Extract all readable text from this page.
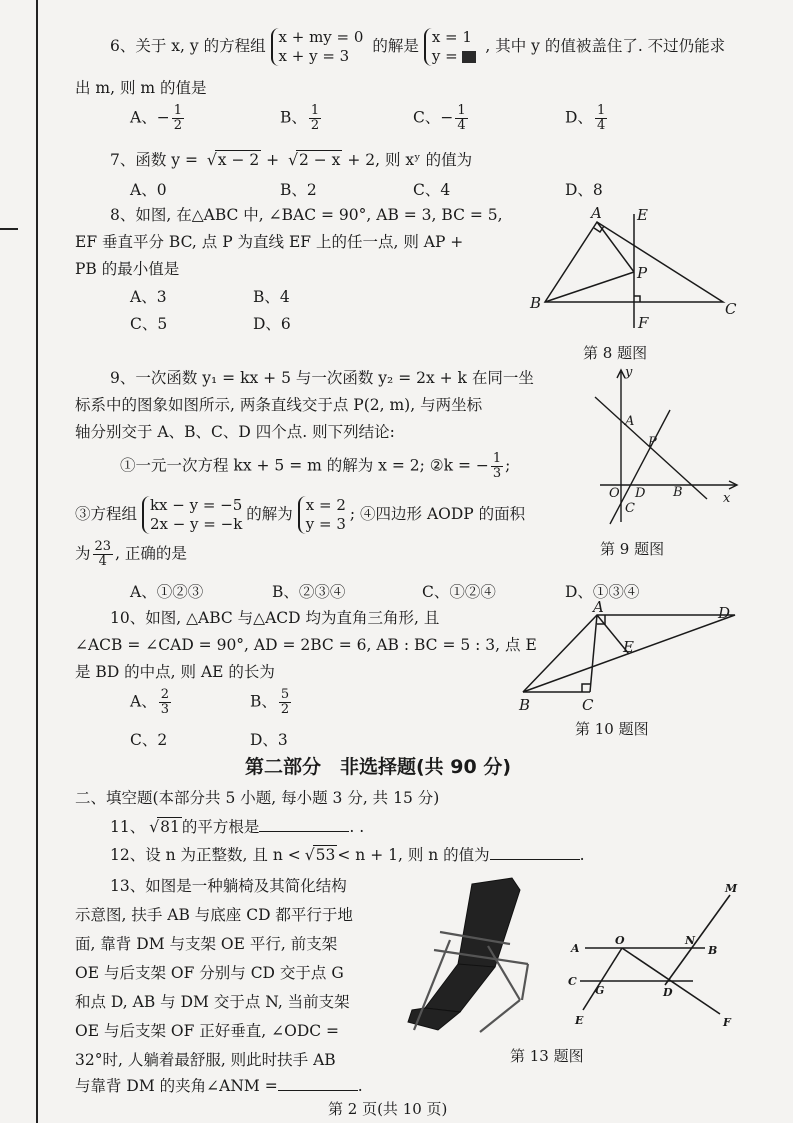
6、关于 x, y 的方程组 x + my = 0
x + y = 3
的解是 x = 1
y =
, 其中 y 的值被盖住了. 不过仍能求
出 m, 则 m 的值是
A、− $\frac{1}{2}$	B、 $\frac{1}{2}$	C、− $\frac{1}{4}$	D、 $\frac{1}{4}$
7、函数 y = √ x − 2 + √ 2 − x + 2, 则 xʸ 的值为
A、0	B、2	C、4	D、8
8、如图, 在△ABC 中, ∠BAC = 90°, AB = 3, BC = 5,
EF 垂直平分 BC, 点 P 为直线 EF 上的任一点, 则 AP +
PB 的最小值是
A、3	B、4
C、5	D、6
A E
P
B	C
F
第 8 题图
9、一次函数 y₁ = kx + 5 与一次函数 y₂ = 2x + k 在同一坐
标系中的图象如图所示, 两条直线交于点 P(2, m), 与两坐标
轴分别交于 A、B、C、D 四个点. 则下列结论:
①一元一次方程 kx + 5 = m 的解为 x = 2; ②k = − $\frac{1}{3}$ ;
③方程组 kx − y = −5
2x − y = −k
的解为 x = 2
y = 3
; ④四边形 AODP 的面积
为 $\frac{23}{4}$ , 正确的是
A、①②③	B、②③④	C、①②④	D、①③④
y
A
P
O D B	x
C
第 9 题图
10、如图, △ABC 与△ACD 均为直角三角形, 且
∠ACB = ∠CAD = 90°, AD = 2BC = 6, AB : BC = 5 : 3, 点 E
是 BD 的中点, 则 AE 的长为
A、 $\frac{2}{3}$	B、 $\frac{5}{2}$
C、2	D、3
A	D
E
B	C
第 10 题图
第二部分　非选择题(共 90 分)
二、填空题(本部分共 5 小题, 每小题 3 分, 共 15 分)
11、 √ 81 的平方根是	. .
12、设 n 为正整数, 且 n < √ 53 < n + 1, 则 n 的值为	.
13、如图是一种躺椅及其简化结构
示意图, 扶手 AB 与底座 CD 都平行于地
面, 靠背 DM 与支架 OE 平行, 前支架
OE 与后支架 OF 分别与 CD 交于点 G
和点 D, AB 与 DM 交于点 N, 当前支架
OE 与后支架 OF 正好垂直, ∠ODC =
32°时, 人躺着最舒服, 则此时扶手 AB
与靠背 DM 的夹角∠ANM =	.
M
A
O	N
B
C
G	D
E	F
第 13 题图
第 2 页(共 10 页)
